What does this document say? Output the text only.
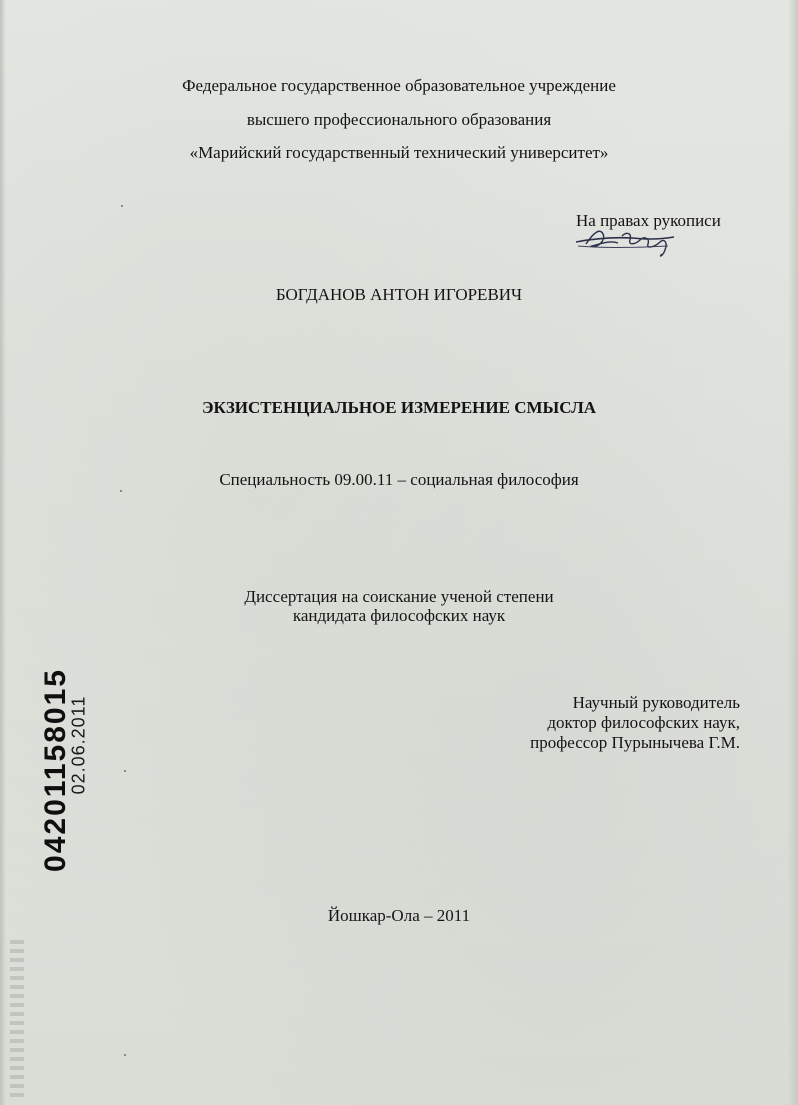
Федеральное государственное образовательное учреждение
высшего профессионального образования
«Марийский государственный технический университет»
На правах рукописи
БОГДАНОВ АНТОН ИГОРЕВИЧ
ЭКЗИСТЕНЦИАЛЬНОЕ ИЗМЕРЕНИЕ СМЫСЛА
Специальность 09.00.11 – социальная философия
Диссертация на соискание ученой степени
кандидата философских наук
Научный руководитель
доктор философских наук,
профессор Пурынычева Г.М.
Йошкар-Ола – 2011
04201158015
02.06.2011
